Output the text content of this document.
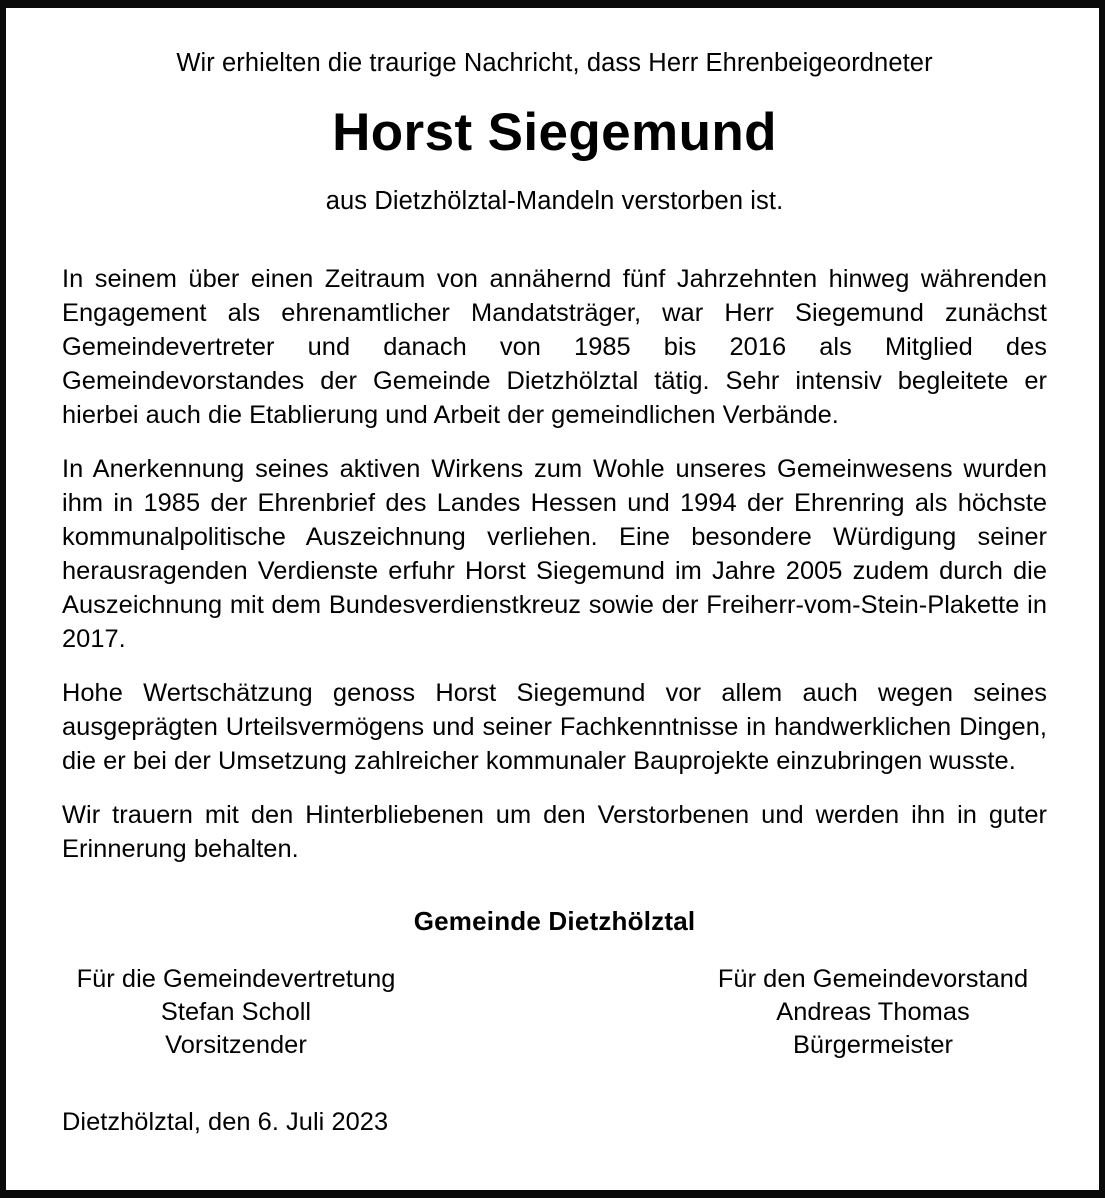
Wir erhielten die traurige Nachricht, dass Herr Ehrenbeigeordneter
Horst Siegemund
aus Dietzhölztal-Mandeln verstorben ist.

In seinem über einen Zeitraum von annähernd fünf Jahrzehnten hinweg währenden Engagement als ehrenamtlicher Mandatsträger, war Herr Siegemund zunächst Gemeindevertreter und danach von 1985 bis 2016 als Mitglied des Gemeindevorstandes der Gemeinde Dietzhölztal tätig. Sehr intensiv begleitete er hierbei auch die Etablierung und Arbeit der gemeindlichen Verbände.

In Anerkennung seines aktiven Wirkens zum Wohle unseres Gemeinwesens wurden ihm in 1985 der Ehrenbrief des Landes Hessen und 1994 der Ehrenring als höchste kommunalpolitische Auszeichnung verliehen. Eine besondere Würdigung seiner herausragenden Verdienste erfuhr Horst Siegemund im Jahre 2005 zudem durch die Auszeichnung mit dem Bundesverdienstkreuz sowie der Freiherr-vom-Stein-Plakette in 2017.

Hohe Wertschätzung genoss Horst Siegemund vor allem auch wegen seines ausgeprägten Urteilsvermögens und seiner Fachkenntnisse in handwerklichen Dingen, die er bei der Umsetzung zahlreicher kommunaler Bauprojekte einzubringen wusste.

Wir trauern mit den Hinterbliebenen um den Verstorbenen und werden ihn in guter Erinnerung behalten.

Gemeinde Dietzhölztal
Für die Gemeindevertretung
Stefan Scholl
Vorsitzender
Für den Gemeindevorstand
Andreas Thomas
Bürgermeister
Dietzhölztal, den 6. Juli 2023
